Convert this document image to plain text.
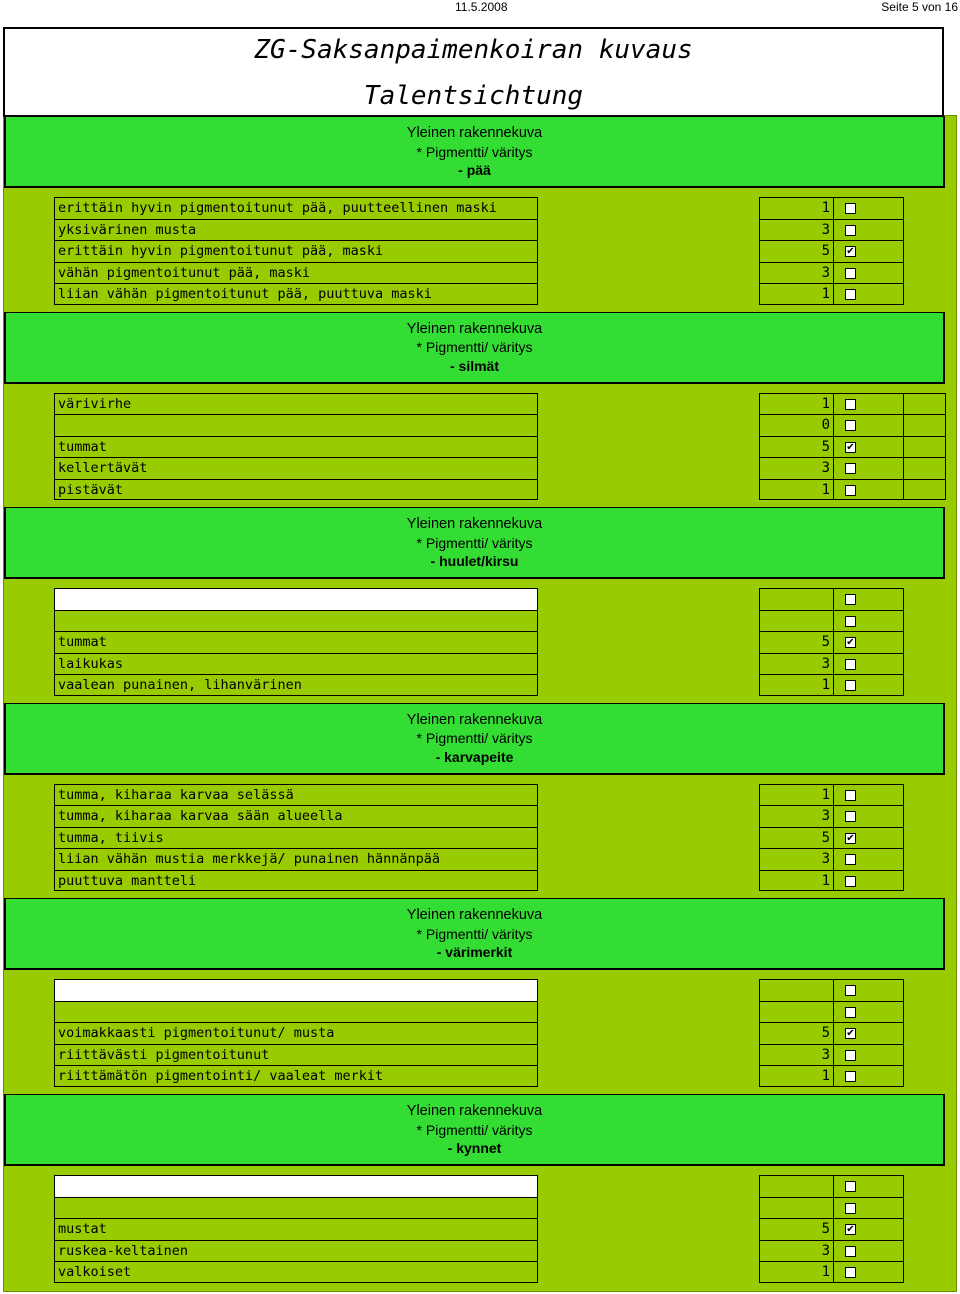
11.5.2008	Seite 5 von 16
Yleinen rakennekuva
* Pigmentti/ väritys
- pää
erittäin hyvin pigmentoitunut pää, puutteellinen maski
yksivärinen musta
erittäin hyvin pigmentoitunut pää, maski
vähän pigmentoitunut pää, maski
liian vähän pigmentoitunut pää, puuttuva maski
1
3
5
3
1
✔
Yleinen rakennekuva
* Pigmentti/ väritys
- silmät
värivirhe
tummat
kellertävät
pistävät
1
0
5
3
1
✔
Yleinen rakennekuva
* Pigmentti/ väritys
- huulet/kirsu
tummat
laikukas
vaalean punainen, lihanvärinen
5
3
1
✔
Yleinen rakennekuva
* Pigmentti/ väritys
- karvapeite
tumma, kiharaa karvaa selässä
tumma, kiharaa karvaa sään alueella
tumma, tiivis
liian vähän mustia merkkejä/ punainen hännänpää
puuttuva mantteli
1
3
5
3
1
✔
Yleinen rakennekuva
* Pigmentti/ väritys
- värimerkit
voimakkaasti pigmentoitunut/ musta
riittävästi pigmentoitunut
riittämätön pigmentointi/ vaaleat merkit
5
3
1
✔
Yleinen rakennekuva
* Pigmentti/ väritys
- kynnet
mustat
ruskea-keltainen
valkoiset
5
3
1
✔
ZG-Saksanpaimenkoiran kuvaus
Talentsichtung
